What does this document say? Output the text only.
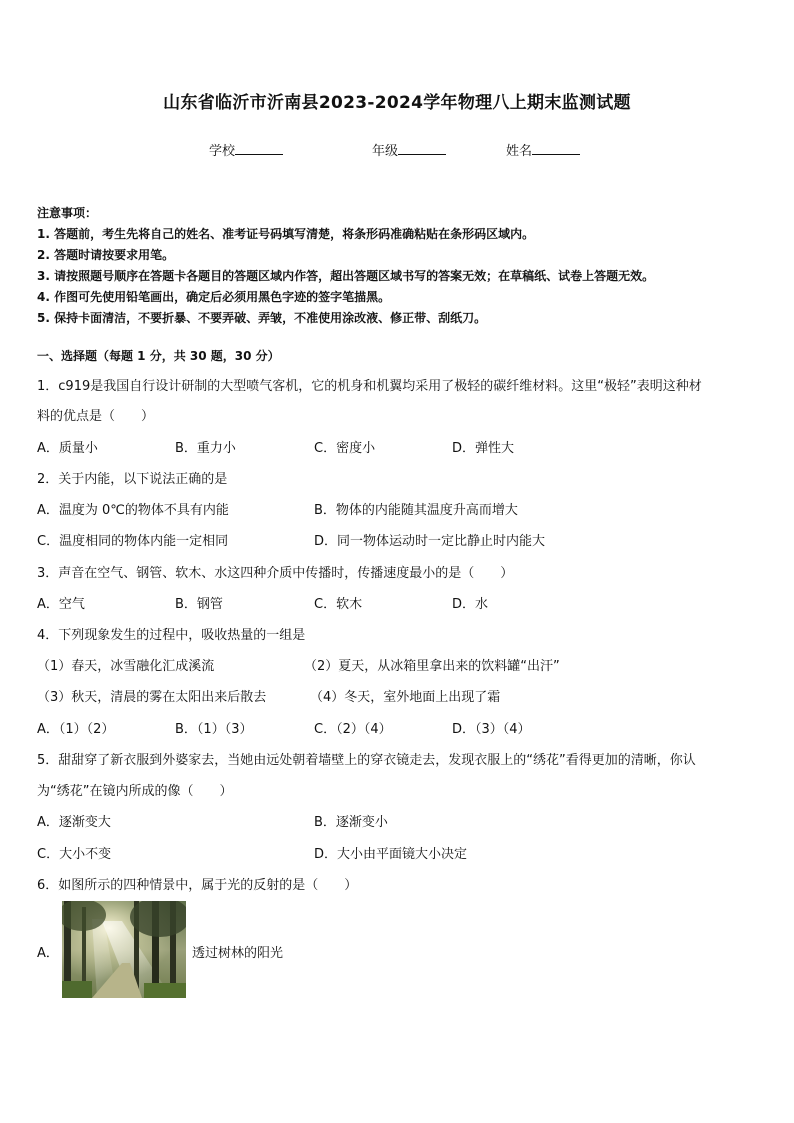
山东省临沂市沂南县2023-2024学年物理八上期末监测试题
学校	年级	姓名
注意事项：
1. 答题前，考生先将自己的姓名、准考证号码填写清楚，将条形码准确粘贴在条形码区域内。
2. 答题时请按要求用笔。
3. 请按照题号顺序在答题卡各题目的答题区域内作答，超出答题区域书写的答案无效；在草稿纸、试卷上答题无效。
4. 作图可先使用铅笔画出，确定后必须用黑色字迹的签字笔描黑。
5. 保持卡面清洁，不要折暴、不要弄破、弄皱，不准使用涂改液、修正带、刮纸刀。
一、选择题（每题 1 分，共 30 题，30 分）
1．c919是我国自行设计研制的大型喷气客机，它的机身和机翼均采用了极轻的碳纤维材料。这里“极轻”表明这种材
料的优点是（　　）
A．质量小	B．重力小	C．密度小	D．弹性大
2．关于内能，以下说法正确的是
A．温度为 0℃的物体不具有内能	B．物体的内能随其温度升高而增大
C．温度相同的物体内能一定相同	D．同一物体运动时一定比静止时内能大
3．声音在空气、钢管、软木、水这四种介质中传播时，传播速度最小的是（　　）
A．空气	B．钢管	C．软木	D．水
4．下列现象发生的过程中，吸收热量的一组是
（1）春天，冰雪融化汇成溪流	（2）夏天，从冰箱里拿出来的饮料罐“出汗”
（3）秋天，清晨的雾在太阳出来后散去	（4）冬天，室外地面上出现了霜
A．（1）（2）	B．（1）（3）	C．（2）（4）	D．（3）（4）
5．甜甜穿了新衣服到外婆家去，当她由远处朝着墙壁上的穿衣镜走去，发现衣服上的“绣花”看得更加的清晰，你认
为“绣花”在镜内所成的像（　　）
A．逐渐变大	B．逐渐变小
C．大小不变	D．大小由平面镜大小决定
6．如图所示的四种情景中，属于光的反射的是（　　）
A．	透过树林的阳光
